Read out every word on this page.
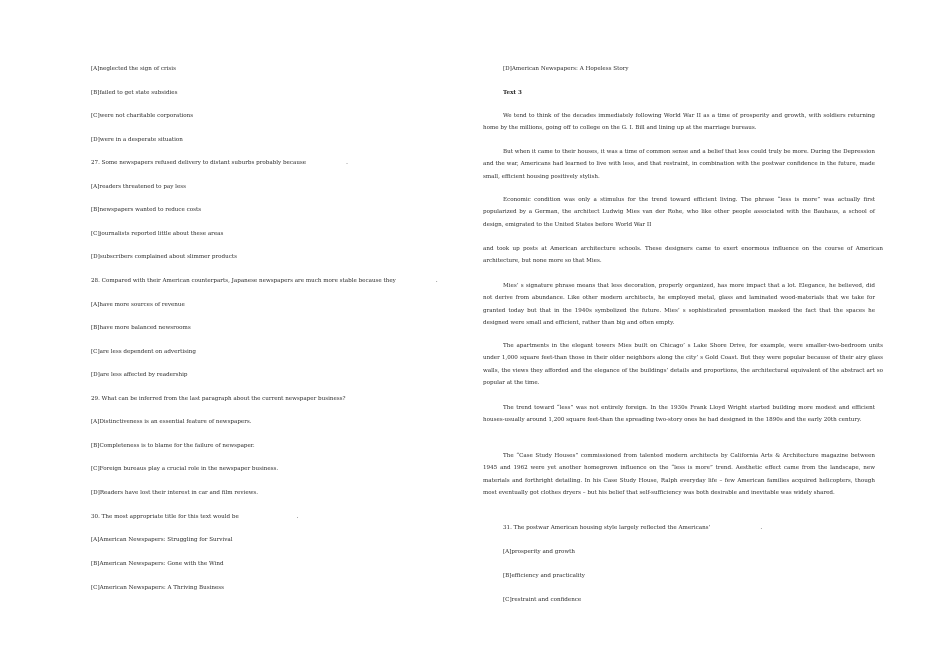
[A]neglected the sign of crisis
[B]failed to get state subsidies
[C]were not charitable corporations
[D]were in a desperate situation
27. Some newspapers refused delivery to distant suburbs probably because	.
[A]readers threatened to pay less
[B]newspapers wanted to reduce costs
[C]journalists reported little about these areas
[D]subscribers complained about slimmer products
28. Compared with their American counterparts, Japanese newspapers are much more stable because they	.
[A]have more sources of revenue
[B]have more balanced newsrooms
[C]are less dependent on advertising
[D]are less affected by readership
29. What can be inferred from the last paragraph about the current newspaper business?
[A]Distinctiveness is an essential feature of newspapers.
[B]Completeness is to blame for the failure of newspaper.
[C]Foreign bureaus play a crucial role in the newspaper business.
[D]Readers have lost their interest in car and film reviews.
30. The most appropriate title for this text would be	.
[A]American Newspapers: Struggling for Survival
[B]American Newspapers: Gone with the Wind
[C]American Newspapers: A Thriving Business
[D]American Newspapers: A Hopeless Story
Text 3
We tend to think of the decades immediately following World War II as a time of prosperity and growth, with soldiers returning home by the millions, going off to college on the G. I. Bill and lining up at the marriage bureaus.
But when it came to their houses, it was a time of common sense and a belief that less could truly be more. During the Depression and the war, Americans had learned to live with less, and that restraint, in combination with the postwar confidence in the future, made small, efficient housing positively stylish.
Economic condition was only a stimulus for the trend toward efficient living. The phrase “less is more” was actually first popularized by a German, the architect Ludwig Mies van der Rohe, who like other people associated with the Bauhaus, a school of design, emigrated to the United States before World War II
and took up posts at American architecture schools. These designers came to exert enormous influence on the course of American architecture, but none more so that Mies.
Mies’ s signature phrase means that less decoration, properly organized, has more impact that a lot. Elegance, he believed, did not derive from abundance. Like other modern architects, he employed metal, glass and laminated wood-materials that we take for granted today but that in the 1940s symbolized the future. Mies’ s sophisticated presentation masked the fact that the spaces he designed were small and efficient, rather than big and often empty.
The apartments in the elegant towers Mies built on Chicago’ s Lake Shore Drive, for example, were smaller-two-bedroom units under 1,000 square feet-than those in their older neighbors along the city’ s Gold Coast. But they were popular because of their airy glass walls, the views they afforded and the elegance of the buildings’ details and proportions, the architectural equivalent of the abstract art so popular at the time.
The trend toward “less” was not entirely foreign. In the 1930s Frank Lloyd Wright started building more modest and efficient houses-usually around 1,200 square feet-than the spreading two-story ones he had designed in the 1890s and the early 20th century.
The “Case Study Houses” commissioned from talented modern architects by California Arts & Architecture magazine between 1945 and 1962 were yet another homegrown influence on the “less is more” trend. Aesthetic effect came from the landscape, new materials and forthright detailing. In his Case Study House, Ralph everyday life – few American families acquired helicopters, though most eventually got clothes dryers – but his belief that self-sufficiency was both desirable and inevitable was widely shared.
31. The postwar American housing style largely reflected the Americans’	.
[A]prosperity and growth
[B]efficiency and practicality
[C]restraint and confidence
